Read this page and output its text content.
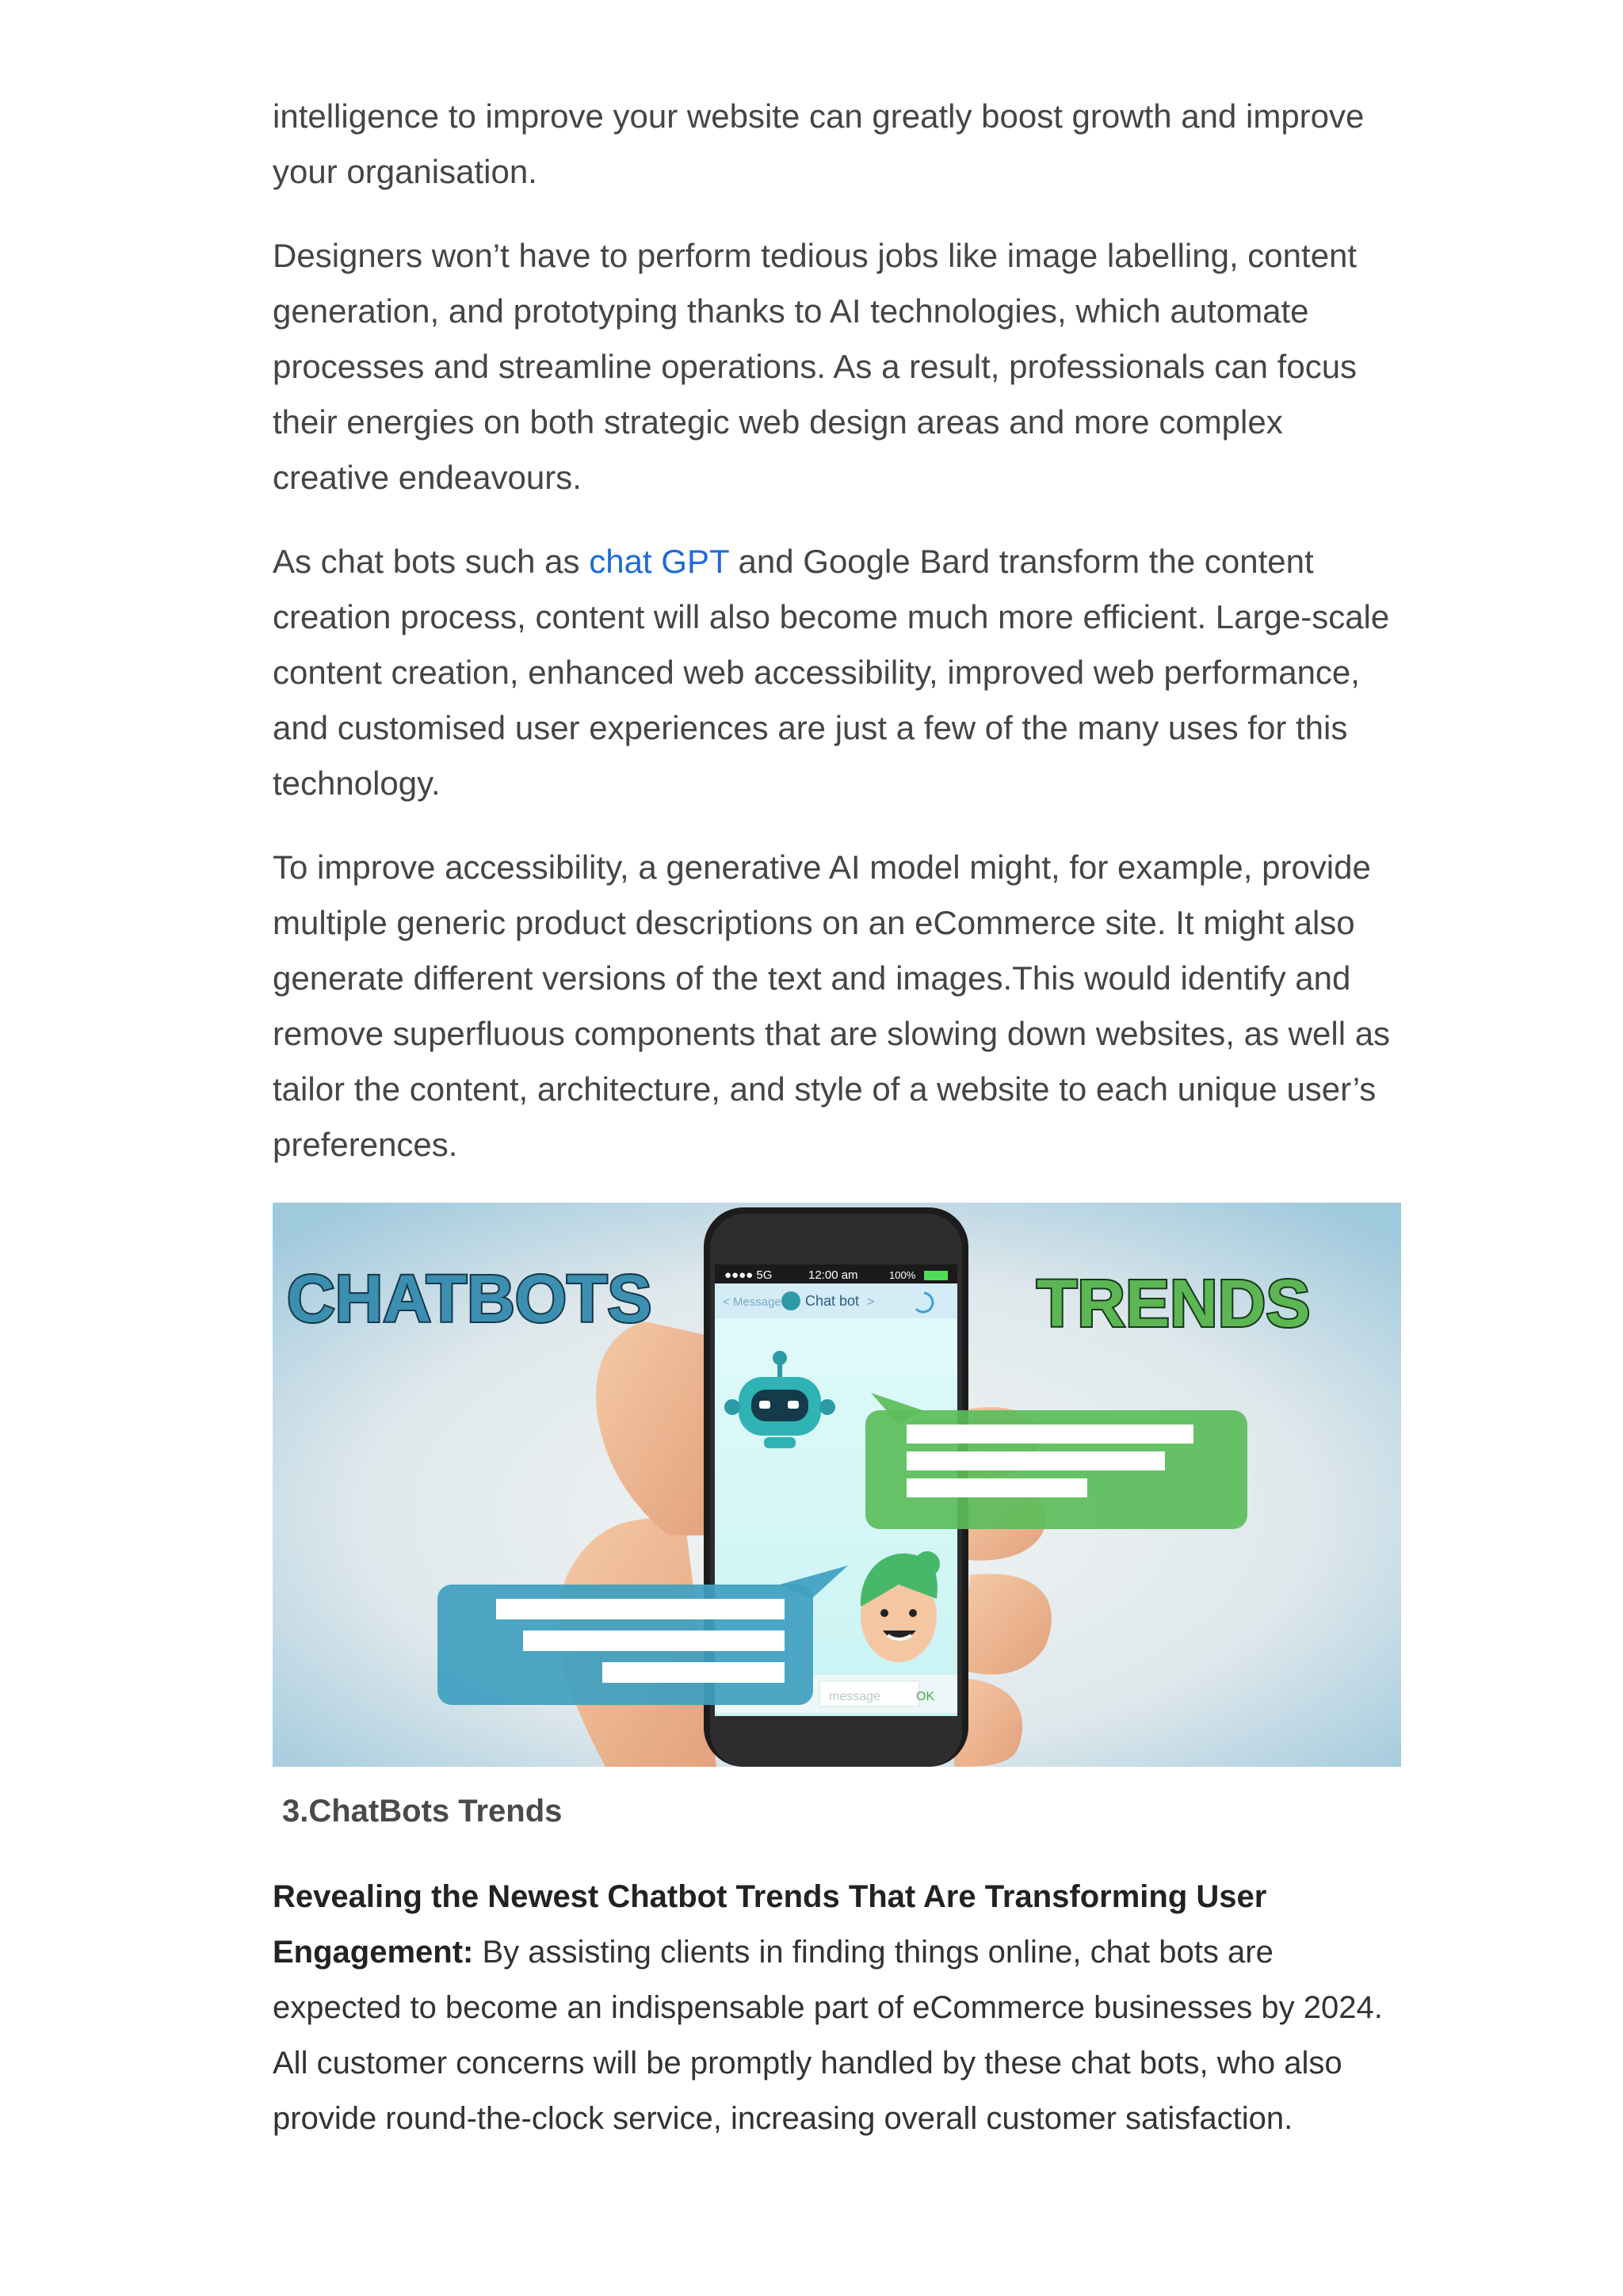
intelligence to improve your website can greatly boost growth and improve your organisation.

Designers won’t have to perform tedious jobs like image labelling, content generation, and prototyping thanks to AI technologies, which automate processes and streamline operations. As a result, professionals can focus their energies on both strategic web design areas and more complex creative endeavours.

As chat bots such as chat GPT and Google Bard transform the content creation process, content will also become much more efficient. Large-scale content creation, enhanced web accessibility, improved web performance, and customised user experiences are just a few of the many uses for this technology.

To improve accessibility, a generative AI model might, for example, provide multiple generic product descriptions on an eCommerce site. It might also generate different versions of the text and images.This would identify and remove superfluous components that are slowing down websites, as well as tailor the content, architecture, and style of a website to each unique user’s preferences.

●●●● 5G	12:00 am	100%
< Message Chat bot >
message	OK
CHATBOTS	TRENDS
3.ChatBots Trends

Revealing the Newest Chatbot Trends That Are Transforming User Engagement: By assisting clients in finding things online, chat bots are expected to become an indispensable part of eCommerce businesses by 2024. All customer concerns will be promptly handled by these chat bots, who also provide round-the-clock service, increasing overall customer satisfaction.
